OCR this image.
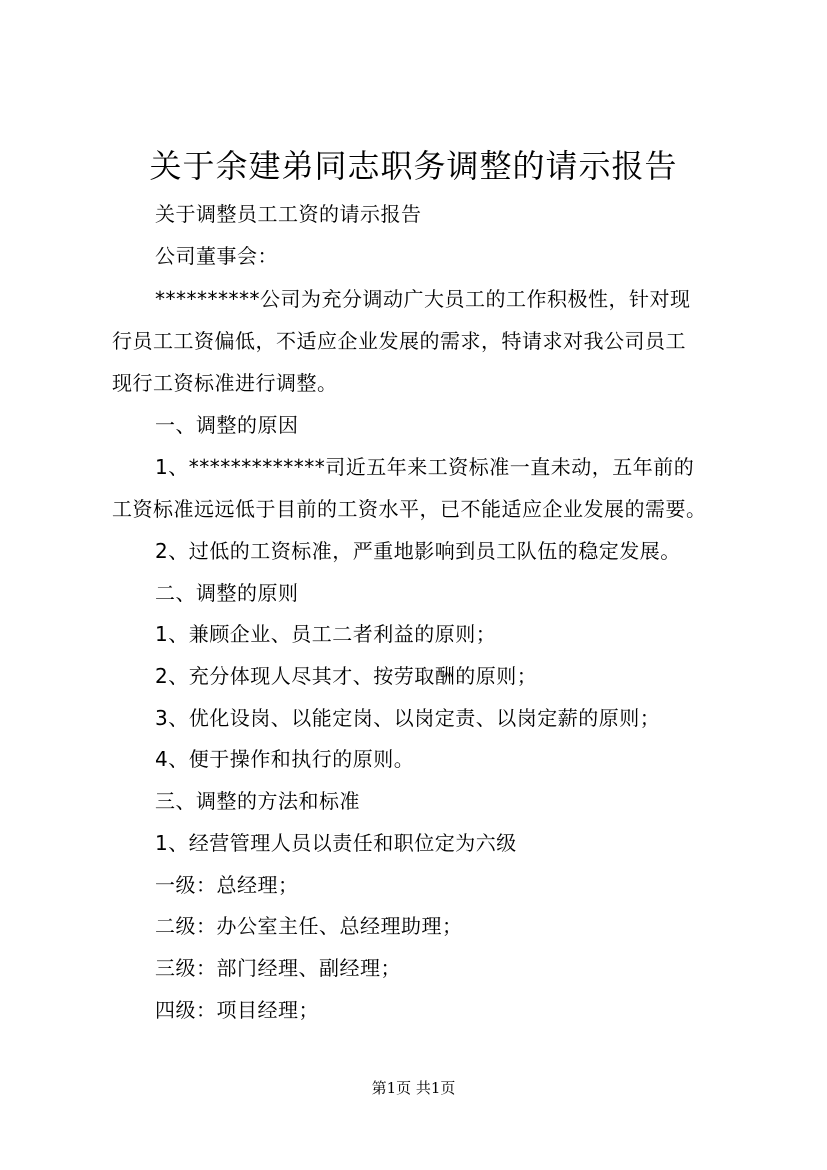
关于余建弟同志职务调整的请示报告
关于调整员工工资的请示报告
公司董事会：
**********公司为充分调动广大员工的工作积极性，针对现
行员工工资偏低，不适应企业发展的需求，特请求对我公司员工
现行工资标准进行调整。
一、调整的原因
1、*************司近五年来工资标准一直未动，五年前的
工资标准远远低于目前的工资水平，已不能适应企业发展的需要。
2、过低的工资标准，严重地影响到员工队伍的稳定发展。
二、调整的原则
1、兼顾企业、员工二者利益的原则；
2、充分体现人尽其才、按劳取酬的原则；
3、优化设岗、以能定岗、以岗定责、以岗定薪的原则；
4、便于操作和执行的原则。
三、调整的方法和标准
1、经营管理人员以责任和职位定为六级
一级：总经理；
二级：办公室主任、总经理助理；
三级：部门经理、副经理；
四级：项目经理；
第1页 共1页
